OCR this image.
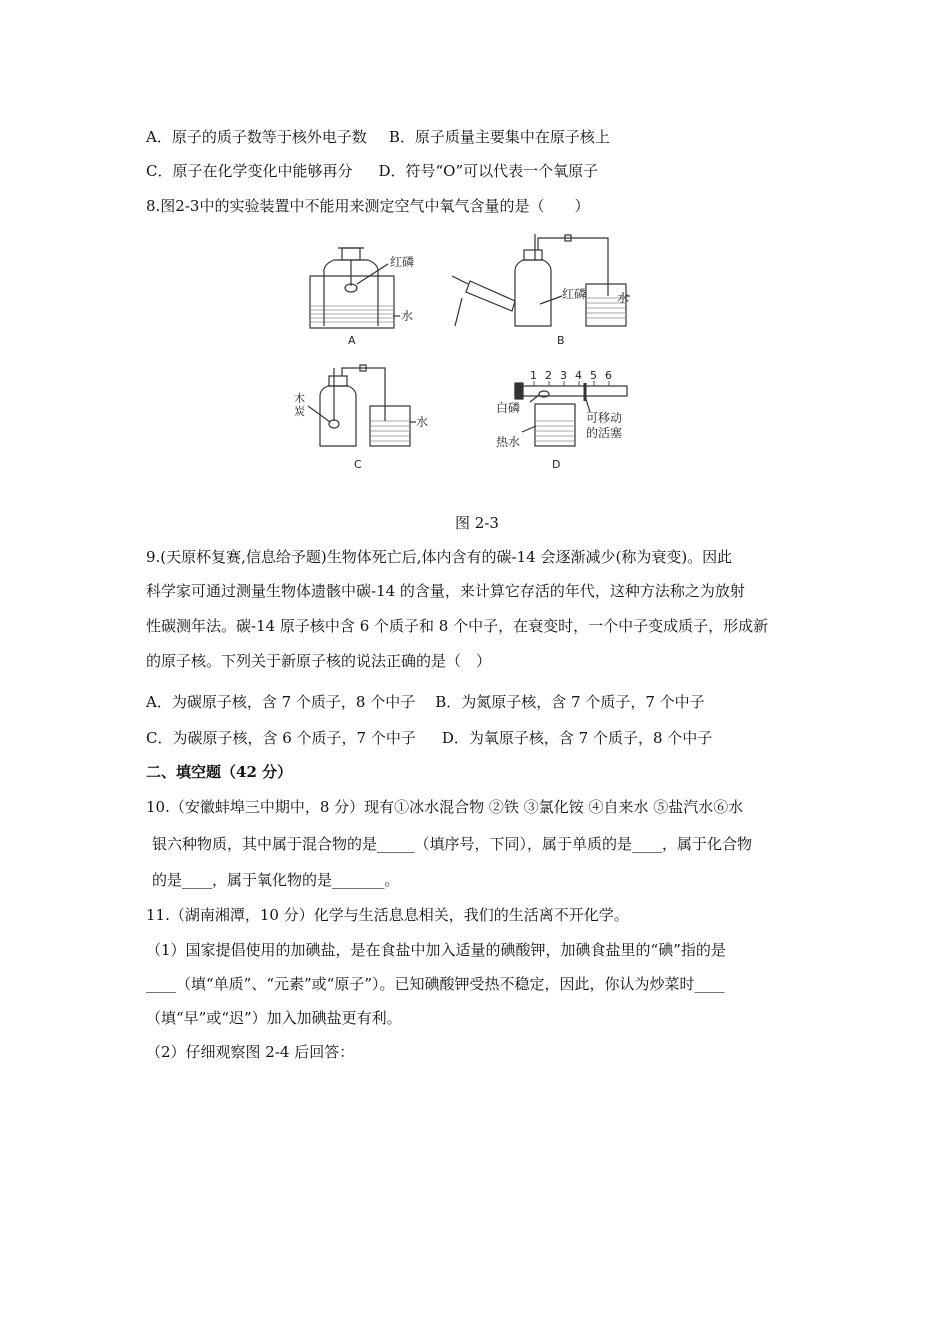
A．原子的质子数等于核外电子数 B．原子质量主要集中在原子核上
C．原子在化学变化中能够再分 D．符号“O”可以代表一个氧原子
8.图2-3中的实验装置中不能用来测定空气中氧气含量的是（　　）
红磷
水
A
红磷	水
B
木
炭
水
C
1 2 3 4 5 6
白磷
热水
可移动
的活塞
D
图 2-3
9.(天原杯复赛,信息给予题)生物体死亡后,体内含有的碳-14 会逐渐减少(称为衰变)。因此
科学家可通过测量生物体遗骸中碳-14 的含量，来计算它存活的年代，这种方法称之为放射
性碳测年法。碳-14 原子核中含 6 个质子和 8 个中子，在衰变时，一个中子变成质子，形成新
的原子核。下列关于新原子核的说法正确的是（　）
A．为碳原子核，含 7 个质子，8 个中子 B．为氮原子核，含 7 个质子，7 个中子
C．为碳原子核，含 6 个质子，7 个中子 D．为氧原子核，含 7 个质子，8 个中子
二、填空题（42 分）
10.（安徽蚌埠三中期中，8 分）现有①冰水混合物 ②铁 ③氯化铵 ④自来水 ⑤盐汽水⑥水
银六种物质，其中属于混合物的是_____（填序号，下同），属于单质的是____，属于化合物
的是____，属于氧化物的是_______。
11.（湖南湘潭，10 分）化学与生活息息相关，我们的生活离不开化学。
（1）国家提倡使用的加碘盐，是在食盐中加入适量的碘酸钾，加碘食盐里的“碘”指的是
____（填“单质”、“元素”或“原子”）。已知碘酸钾受热不稳定，因此，你认为炒菜时____
（填“早”或“迟”）加入加碘盐更有利。
（2）仔细观察图 2-4 后回答：
